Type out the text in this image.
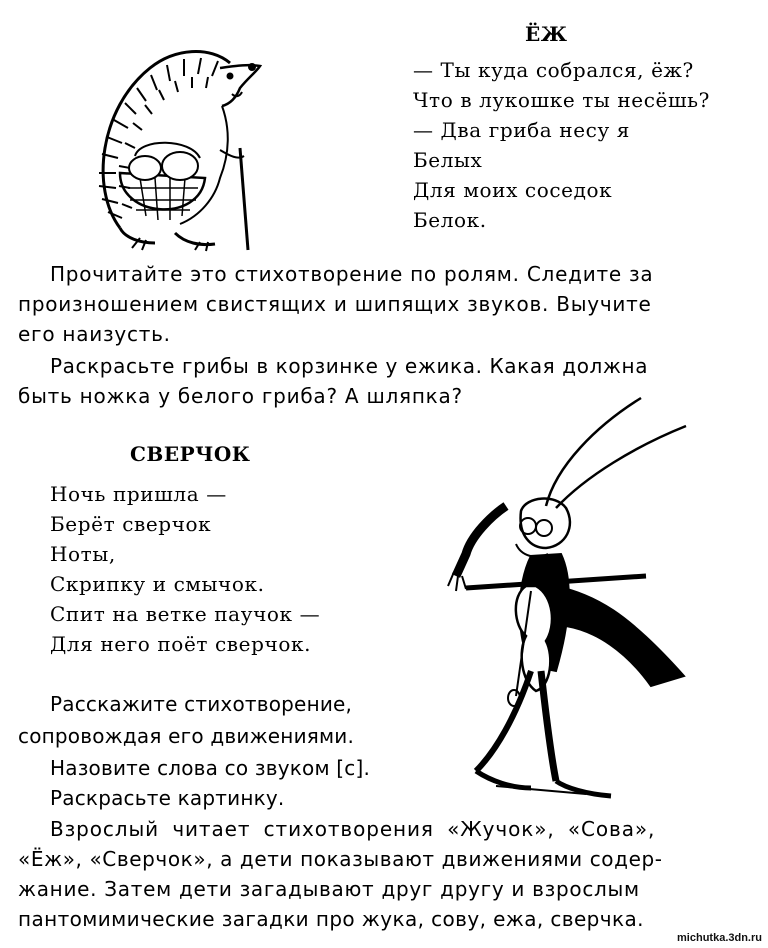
ЁЖ
— Ты куда собрался, ёж?
Что в лукошке ты несёшь?
— Два гриба несу я
Белых
Для моих соседок
Белок.
Прочитайте это стихотворение по ролям. Следите за
произношением свистящих и шипящих звуков. Выучите
его наизусть.
Раскрасьте грибы в корзинке у ежика. Какая должна
быть ножка у белого гриба? А шляпка?
СВЕРЧОК
Ночь пришла —
Берёт сверчок
Ноты,
Скрипку и смычок.
Спит на ветке паучок —
Для него поёт сверчок.
Расскажите стихотворение,
сопровождая его движениями.
Назовите слова со звуком [с].
Раскрасьте картинку.
Взрослый читает стихотворения «Жучок», «Сова»,
«Ёж», «Сверчок», а дети показывают движениями содер-
жание. Затем дети загадывают друг другу и взрослым
пантомимические загадки про жука, сову, ежа, сверчка.
michutka.3dn.ru
